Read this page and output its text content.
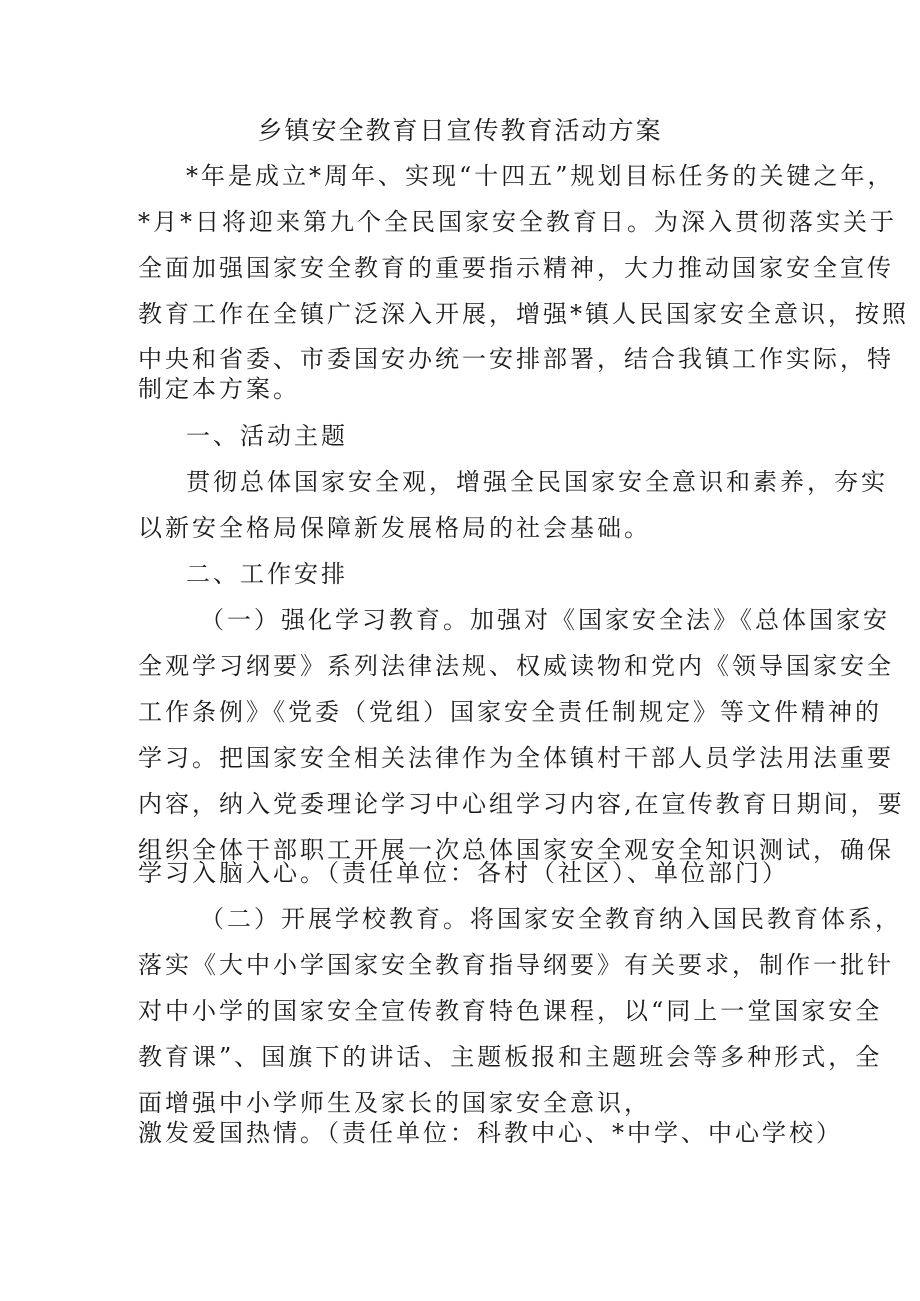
乡镇安全教育日宣传教育活动方案
*年是成立*周年、实现“十四五”规划目标任务的关键之年，
*月*日将迎来第九个全民国家安全教育日。为深入贯彻落实关于
全面加强国家安全教育的重要指示精神，大力推动国家安全宣传
教育工作在全镇广泛深入开展，增强*镇人民国家安全意识，按照
中央和省委、市委国安办统一安排部署，结合我镇工作实际，特
制定本方案。
一、活动主题
贯彻总体国家安全观，增强全民国家安全意识和素养，夯实
以新安全格局保障新发展格局的社会基础。
二、工作安排
（一）强化学习教育。加强对《国家安全法》《总体国家安
全观学习纲要》系列法律法规、权威读物和党内《领导国家安全
工作条例》《党委（党组）国家安全责任制规定》等文件精神的
学习。把国家安全相关法律作为全体镇村干部人员学法用法重要
内容，纳入党委理论学习中心组学习内容,在宣传教育日期间，要
组织全体干部职工开展一次总体国家安全观安全知识测试，确保
学习入脑入心。（责任单位：各村（社区）、单位部门）
（二）开展学校教育。将国家安全教育纳入国民教育体系，
落实《大中小学国家安全教育指导纲要》有关要求，制作一批针
对中小学的国家安全宣传教育特色课程，以“同上一堂国家安全
教育课”、国旗下的讲话、主题板报和主题班会等多种形式，全
面增强中小学师生及家长的国家安全意识，
激发爱国热情。（责任单位：科教中心、*中学、中心学校）
